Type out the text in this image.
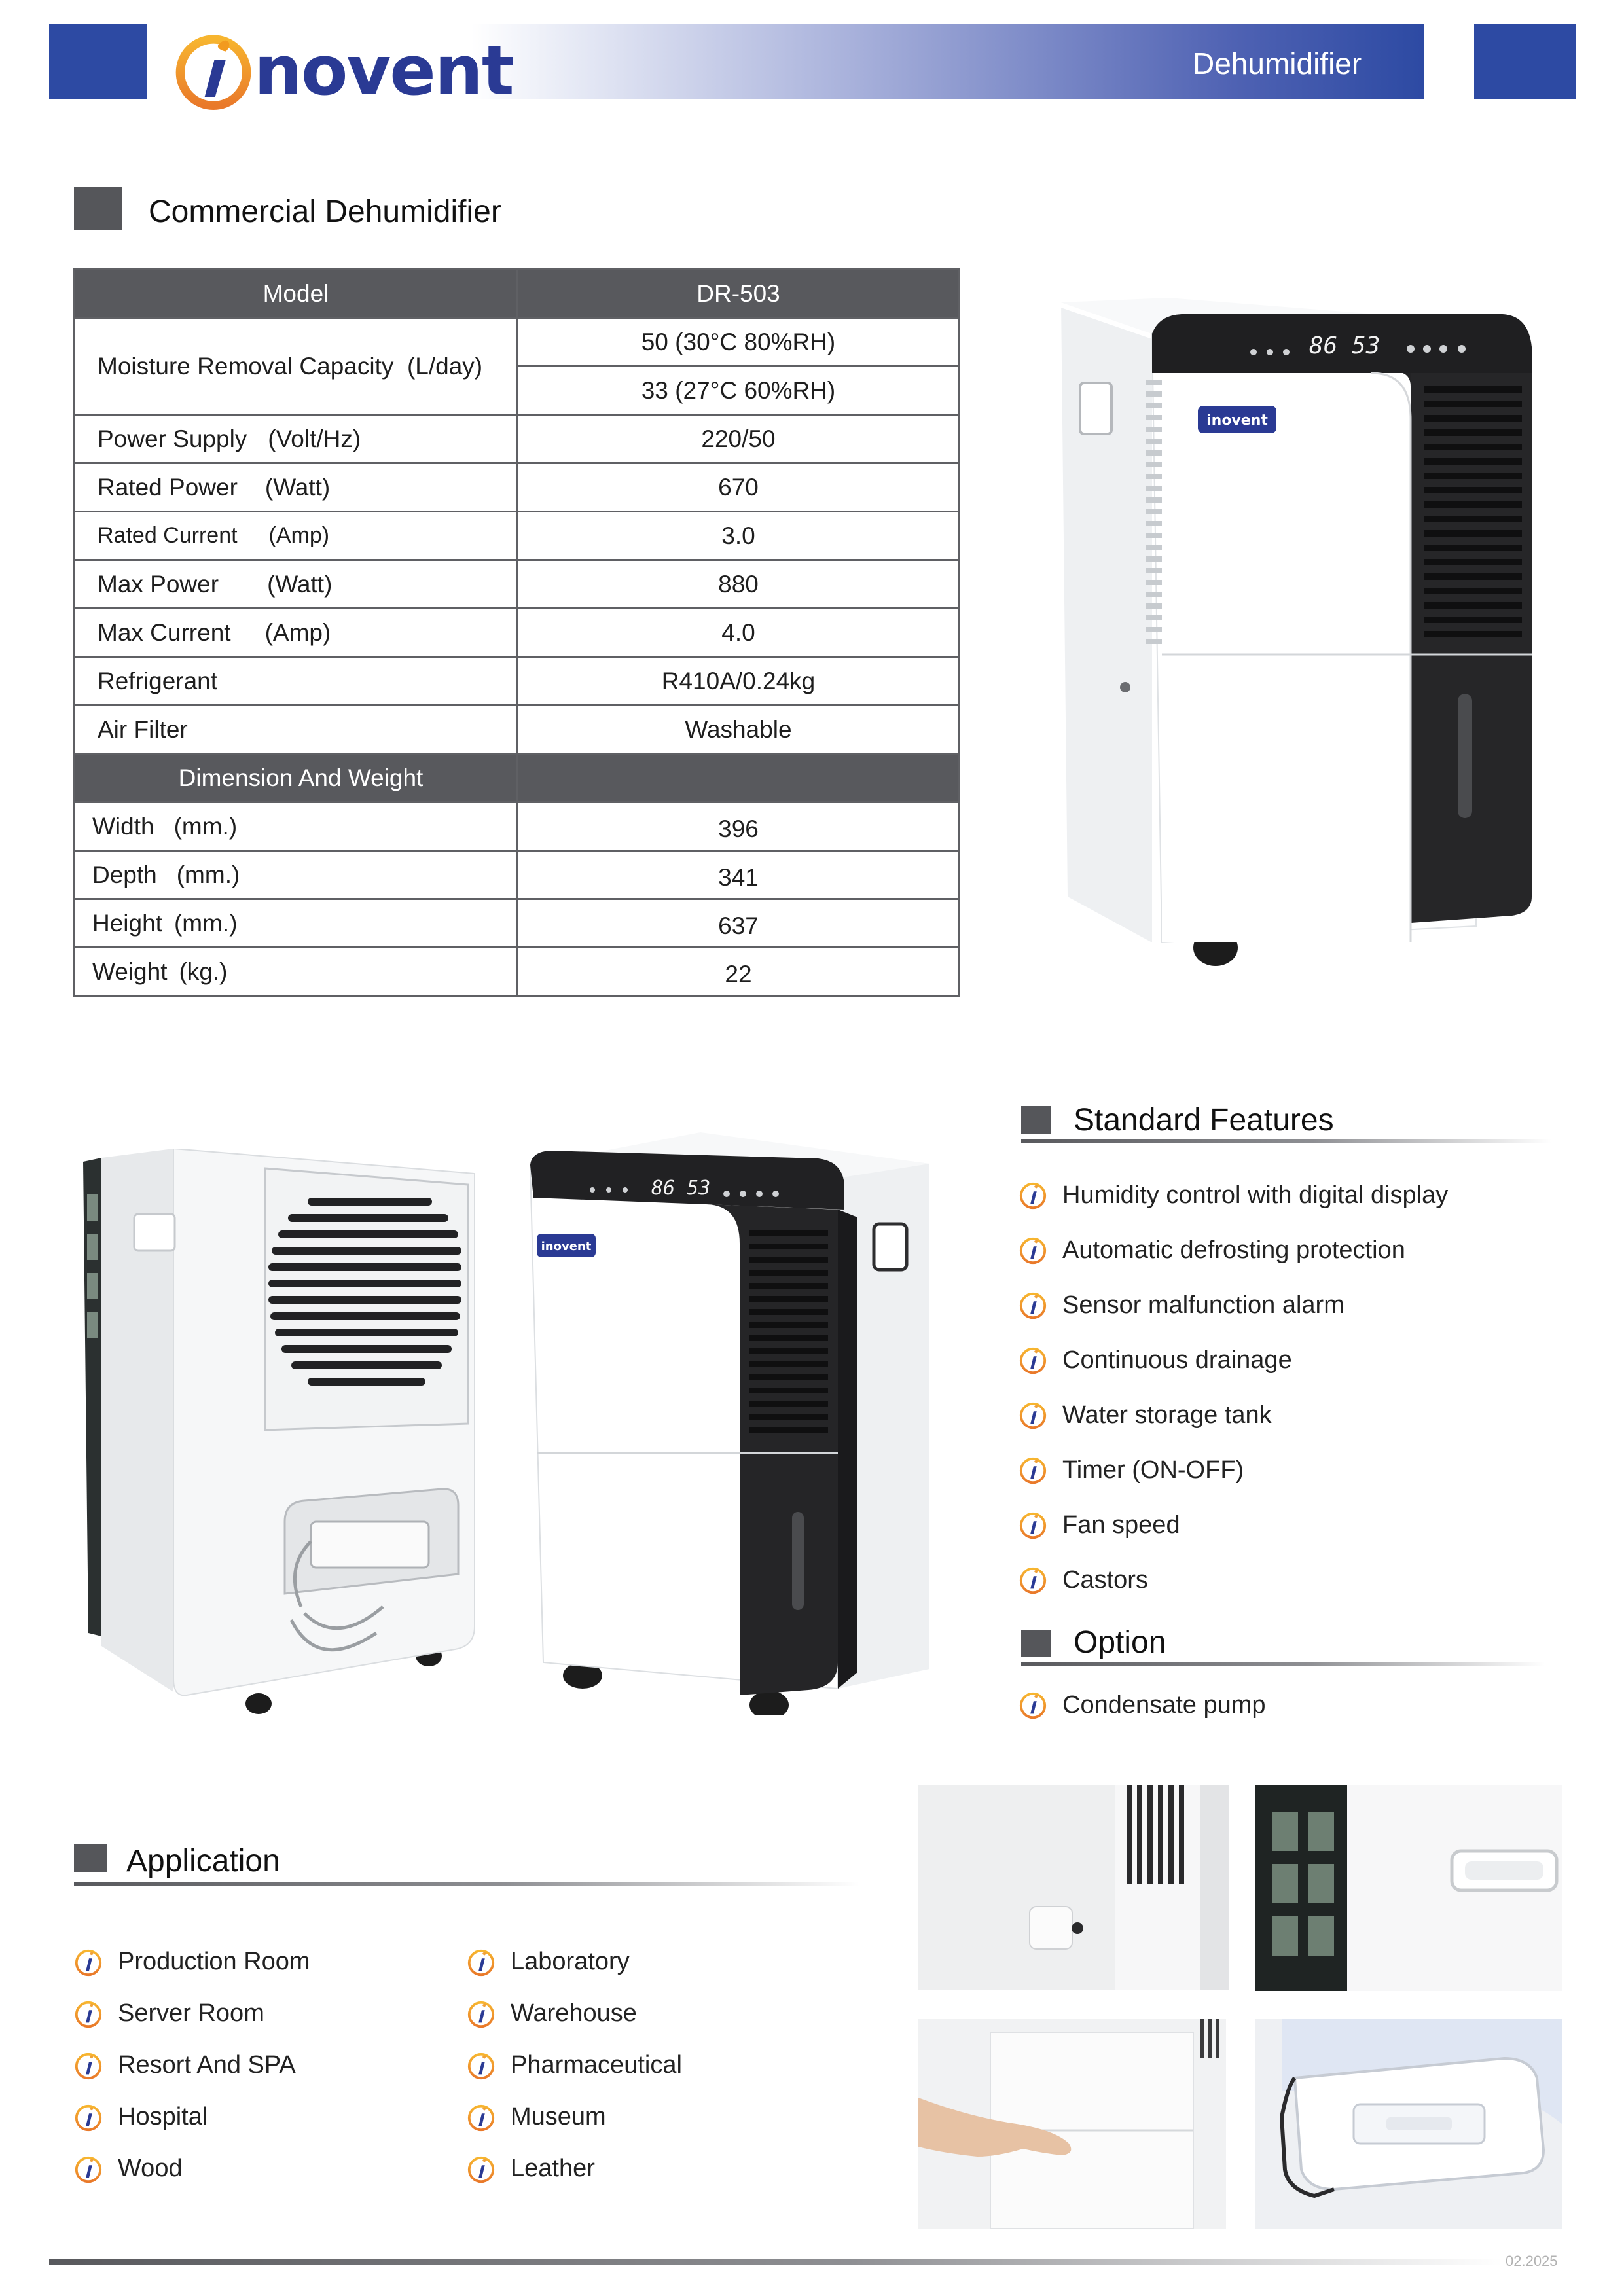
Dehumidifier
novent
Commercial Dehumidifier
Model	DR-503
Moisture Removal Capacity (L/day)	50 (30°C 80%RH)
	33 (27°C 60%RH)
Power Supply (Volt/Hz)	220/50
Rated Power (Watt)	670
Rated Current (Amp)	3.0
Max Power (Watt)	880
Max Current (Amp)	4.0
Refrigerant	R410A/0.24kg
Air Filter	Washable
Dimension And Weight	
Width (mm.)	396
Depth (mm.)	341
Height (mm.)	637
Weight (kg.)	22
86 53
inovent
86 53
inovent
Standard Features
Humidity control with digital display
Automatic defrosting protection
Sensor malfunction alarm
Continuous drainage
Water storage tank
Timer (ON-OFF)
Fan speed
Castors
Option
Condensate pump
Application
Production Room
Server Room
Resort And SPA
Hospital
Wood
Laboratory
Warehouse
Pharmaceutical
Museum
Leather
02.2025
